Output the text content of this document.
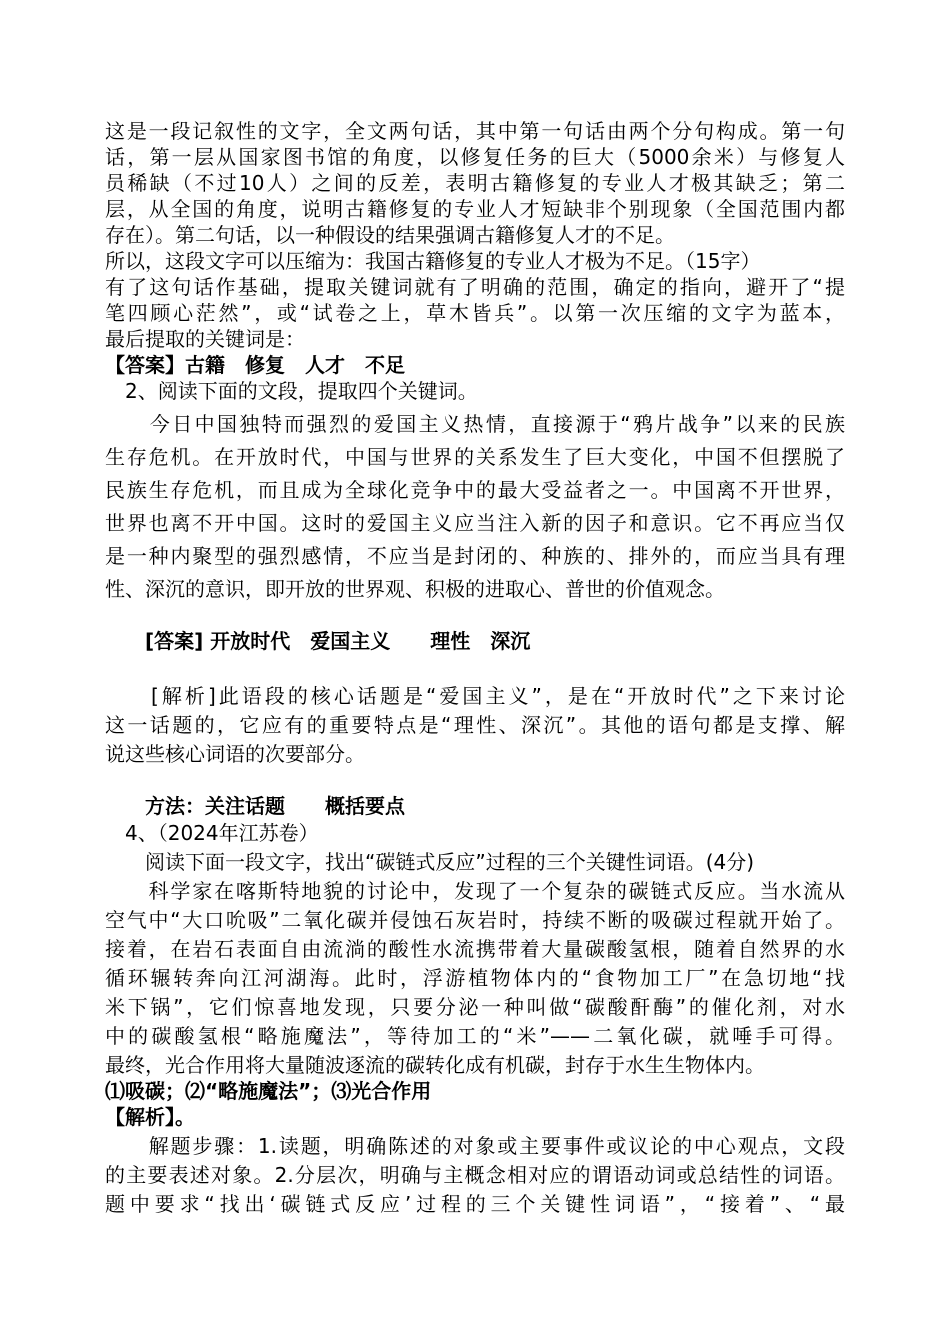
这是一段记叙性的文字，全文两句话，其中第一句话由两个分句构成。第一句

话，第一层从国家图书馆的角度，以修复任务的巨大（5000余米）与修复人

员稀缺（不过10人）之间的反差，表明古籍修复的专业人才极其缺乏；第二

层，从全国的角度，说明古籍修复的专业人才短缺非个别现象（全国范围内都

存在）。第二句话，以一种假设的结果强调古籍修复人才的不足。

所以，这段文字可以压缩为：我国古籍修复的专业人才极为不足。（15字）

有了这句话作基础，提取关键词就有了明确的范围，确定的指向，避开了“提

笔四顾心茫然”，或“试卷之上，草木皆兵”。以第一次压缩的文字为蓝本，

最后提取的关键词是：

【答案】古籍　修复　人才　不足

　2、阅读下面的文段，提取四个关键词。

　　今日中国独特而强烈的爱国主义热情，直接源于“鸦片战争”以来的民族

生存危机。在开放时代，中国与世界的关系发生了巨大变化，中国不但摆脱了

民族生存危机，而且成为全球化竞争中的最大受益者之一。中国离不开世界，

世界也离不开中国。这时的爱国主义应当注入新的因子和意识。它不再应当仅

是一种内聚型的强烈感情，不应当是封闭的、种族的、排外的，而应当具有理

性、深沉的意识，即开放的世界观、积极的进取心、普世的价值观念。

　　[答案] 开放时代　爱国主义　　理性　深沉

　　[解析]此语段的核心话题是“爱国主义”，是在“开放时代”之下来讨论

这一话题的，它应有的重要特点是“理性、深沉”。其他的语句都是支撑、解

说这些核心词语的次要部分。

　　方法：关注话题　　概括要点

　4、（2024年江苏卷）

　　阅读下面一段文字，找出“碳链式反应”过程的三个关键性词语。(4分)

　　科学家在喀斯特地貌的讨论中，发现了一个复杂的碳链式反应。当水流从

空气中“大口吮吸”二氧化碳并侵蚀石灰岩时，持续不断的吸碳过程就开始了。

接着，在岩石表面自由流淌的酸性水流携带着大量碳酸氢根，随着自然界的水

循环辗转奔向江河湖海。此时，浮游植物体内的“食物加工厂”在急切地“找

米下锅”，它们惊喜地发现，只要分泌一种叫做“碳酸酐酶”的催化剂，对水

中的碳酸氢根“略施魔法”，等待加工的“米”——二氧化碳，就唾手可得。

最终，光合作用将大量随波逐流的碳转化成有机碳，封存于水生生物体内。

⑴吸碳；⑵“略施魔法”；⑶光合作用

【解析】。

　　解题步骤：1.读题，明确陈述的对象或主要事件或议论的中心观点，文段

的主要表述对象。2.分层次，明确与主概念相对应的谓语动词或总结性的词语。

题中要求“找出‘碳链式反应’过程的三个关键性词语”，“接着”、“最
